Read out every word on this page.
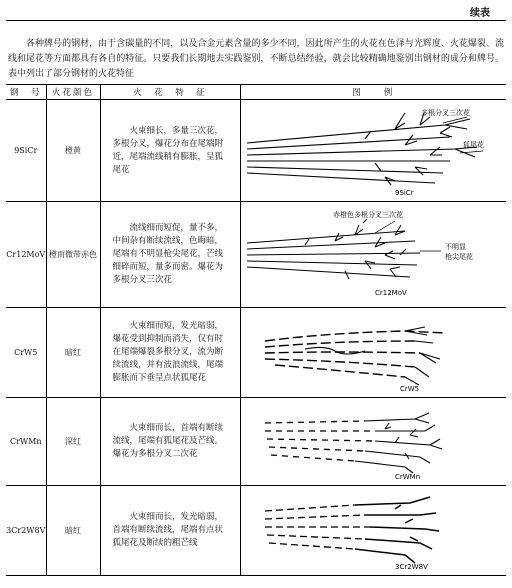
续表

各种牌号的钢材，由于含碳量的不同，以及合金元素含量的多少不同，因此所产生的火花在色泽与光辉度、火花爆裂、流线和尾花等方面都具有各自的特征。只要我们长期地去实践鉴别，不断总结经验，就会比较精确地鉴别出钢材的成分和牌号。表中列出了部分钢材的火花特征

钢　号	火花颜色	火　花　特　征	图　　例
9SiCr	橙黄	火束细长，多量三次花，多根分叉，爆花分布在尾端附近，尾端流线稍有膨胀，呈狐尾花	多根分叉三次花
狐尾花
9SiCr

Cr12MoV	橙而微带赤色	流线细而短促，量不多，中间杂有断续流线，色晦暗，尾端有不明显枪尖尾花，芒线细碎而短，量多而密。爆花为多根分叉三次花	赤橙色多根分叉三次花
不明显
枪尖尾花
Cr12MoV

CrW5	暗红	火束细而短，发光暗弱，爆花受到抑制而消失，仅有时在尾端爆裂多根分叉，流为断续流线，并有波浪流线，尾端膨胀而下垂呈点状狐尾花	CrW5

CrWMn	深红	火束细而长，首端有断续流线，尾端有狐尾花及芒线。爆花为多根分叉二次花	CrWMn

3Cr2W8V	暗红	火束细而长，发光暗弱，首端有断续流线，尾端有点状狐尾花及断续的粗芒线	3Cr2W8V
